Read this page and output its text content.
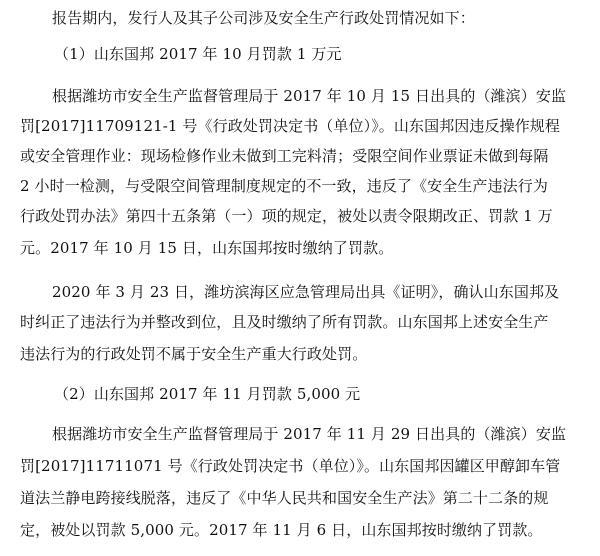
报告期内，发行人及其子公司涉及安全生产行政处罚情况如下：
（1）山东国邦 2017 年 10 月罚款 1 万元
根据潍坊市安全生产监督管理局于 2017 年 10 月 15 日出具的（潍滨）安监
罚[2017]11709121-1 号《行政处罚决定书（单位）》。山东国邦因违反操作规程
或安全管理作业：现场检修作业未做到工完料清；受限空间作业票证未做到每隔
2 小时一检测，与受限空间管理制度规定的不一致，违反了《安全生产违法行为
行政处罚办法》第四十五条第（一）项的规定，被处以责令限期改正、罚款 1 万
元。2017 年 10 月 15 日，山东国邦按时缴纳了罚款。
2020 年 3 月 23 日，潍坊滨海区应急管理局出具《证明》，确认山东国邦及
时纠正了违法行为并整改到位，且及时缴纳了所有罚款。山东国邦上述安全生产
违法行为的行政处罚不属于安全生产重大行政处罚。
（2）山东国邦 2017 年 11 月罚款 5,000 元
根据潍坊市安全生产监督管理局于 2017 年 11 月 29 日出具的（潍滨）安监
罚[2017]11711071 号《行政处罚决定书（单位）》。山东国邦因罐区甲醇卸车管
道法兰静电跨接线脱落，违反了《中华人民共和国安全生产法》第二十二条的规
定，被处以罚款 5,000 元。2017 年 11 月 6 日，山东国邦按时缴纳了罚款。
